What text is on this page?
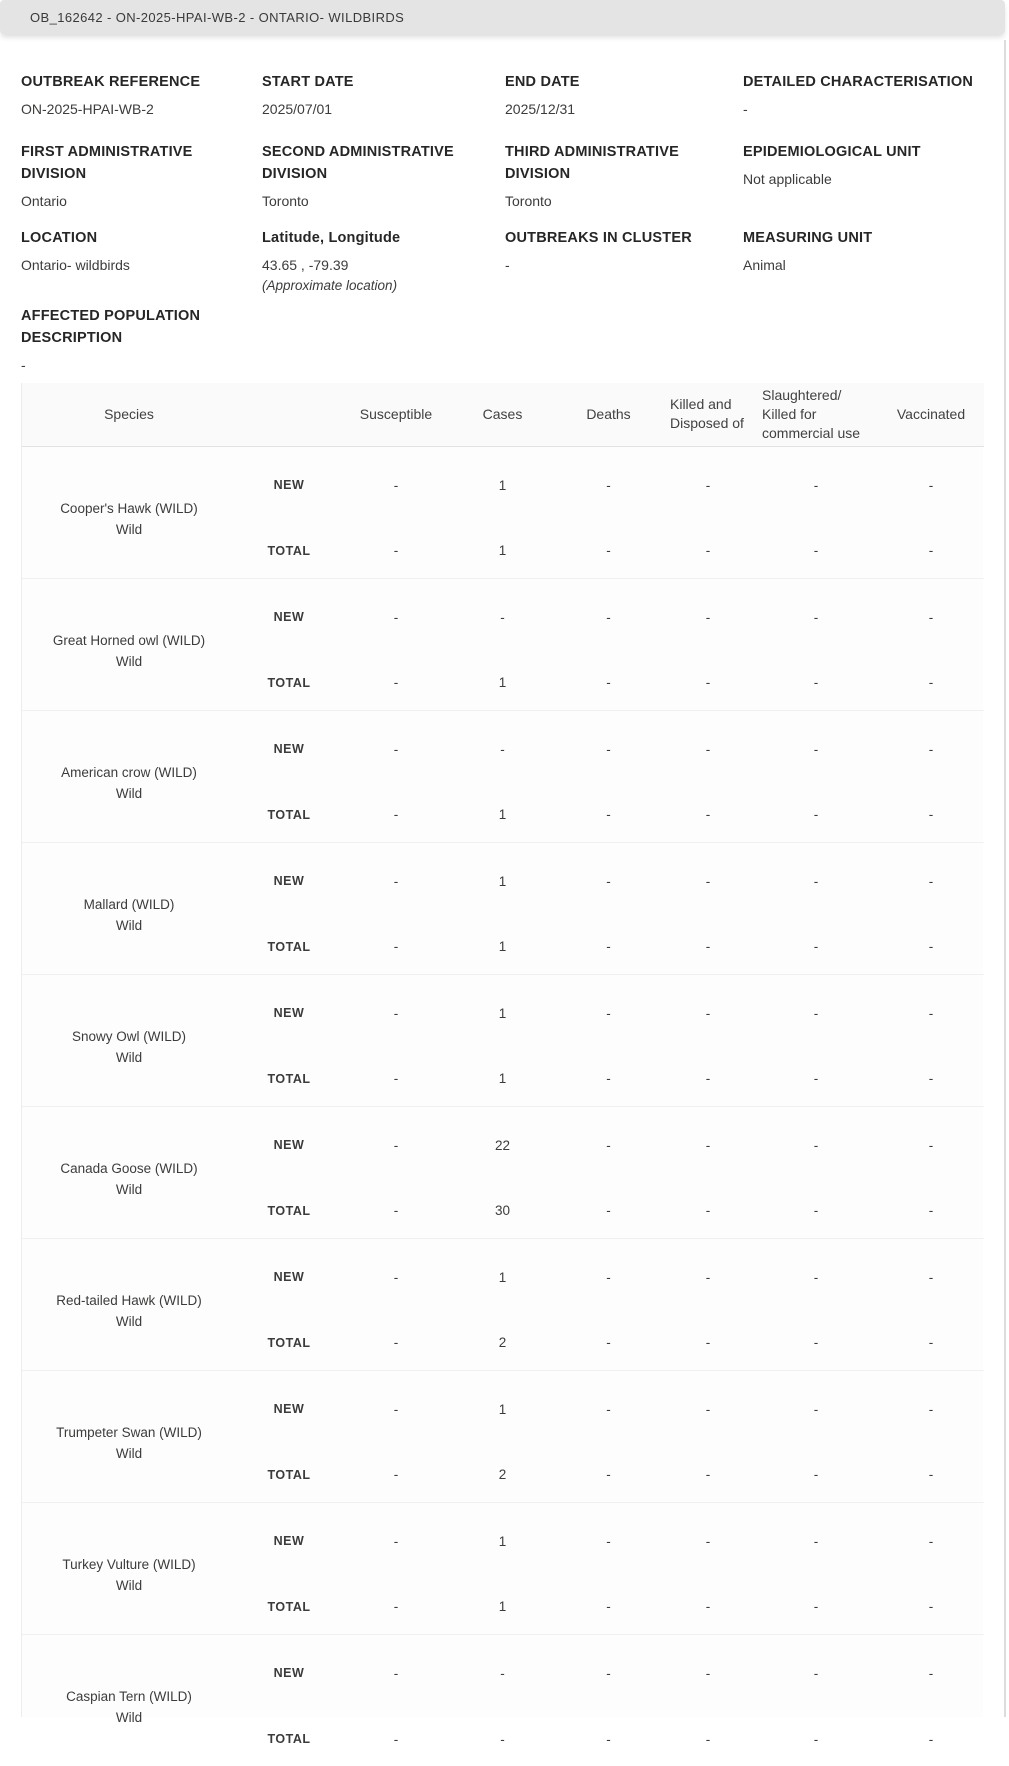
OB_162642 - ON-2025-HPAI-WB-2 - ONTARIO- WILDBIRDS
OUTBREAK REFERENCE
ON-2025-HPAI-WB-2
START DATE
2025/07/01
END DATE
2025/12/31
DETAILED CHARACTERISATION
-
FIRST ADMINISTRATIVE DIVISION
Ontario
SECOND ADMINISTRATIVE DIVISION
Toronto
THIRD ADMINISTRATIVE DIVISION
Toronto
EPIDEMIOLOGICAL UNIT
Not applicable
LOCATION
Ontario- wildbirds
Latitude, Longitude
43.65 , -79.39
(Approximate location)
OUTBREAKS IN CLUSTER
-
MEASURING UNIT
Animal
AFFECTED POPULATION DESCRIPTION
-
Species		Susceptible	Cases	Deaths	Killed and Disposed of	Slaughtered/ Killed for commercial use	Vaccinated

Cooper's Hawk (WILD)
Wild	NEW	-	1	-	-	-	-
	TOTAL	-	1	-	-	-	-

Great Horned owl (WILD)
Wild	NEW	-	-	-	-	-	-
	TOTAL	-	1	-	-	-	-

American crow (WILD)
Wild	NEW	-	-	-	-	-	-
	TOTAL	-	1	-	-	-	-

Mallard (WILD)
Wild	NEW	-	1	-	-	-	-
	TOTAL	-	1	-	-	-	-

Snowy Owl (WILD)
Wild	NEW	-	1	-	-	-	-
	TOTAL	-	1	-	-	-	-

Canada Goose (WILD)
Wild	NEW	-	22	-	-	-	-
	TOTAL	-	30	-	-	-	-

Red-tailed Hawk (WILD)
Wild	NEW	-	1	-	-	-	-
	TOTAL	-	2	-	-	-	-

Trumpeter Swan (WILD)
Wild	NEW	-	1	-	-	-	-
	TOTAL	-	2	-	-	-	-

Turkey Vulture (WILD)
Wild	NEW	-	1	-	-	-	-
	TOTAL	-	1	-	-	-	-

Caspian Tern (WILD)
Wild	NEW	-	-	-	-	-	-
	TOTAL	-	-	-	-	-	-
